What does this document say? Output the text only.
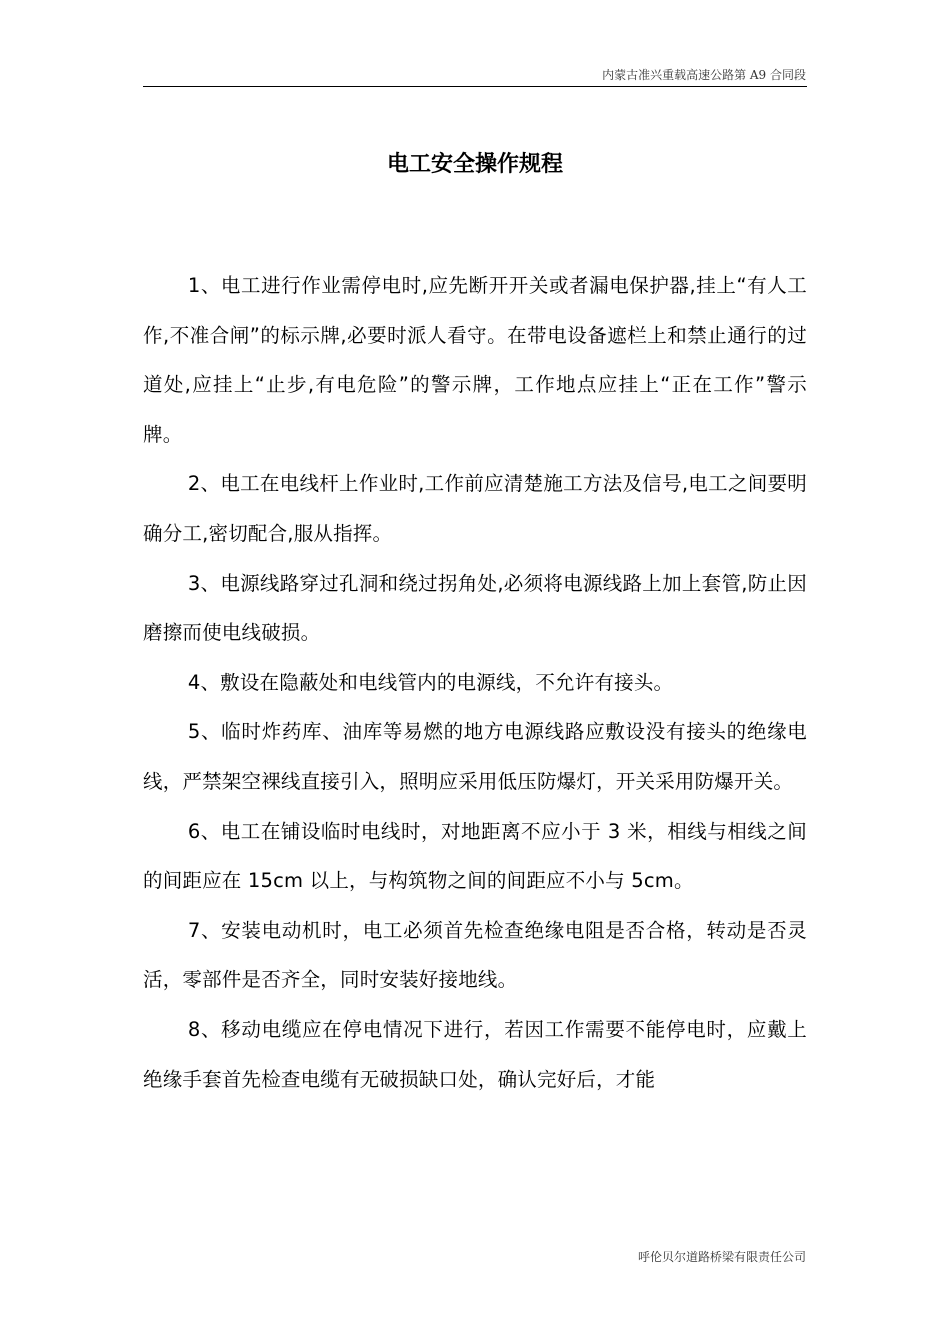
内蒙古准兴重载高速公路第 A9 合同段
电工安全操作规程

1、电工进行作业需停电时,应先断开开关或者漏电保护器,挂上“有人工作,不准合闸”的标示牌,必要时派人看守。在带电设备遮栏上和禁止通行的过道处,应挂上“止步,有电危险”的警示牌，工作地点应挂上“正在工作”警示牌。

2、电工在电线杆上作业时,工作前应清楚施工方法及信号,电工之间要明确分工,密切配合,服从指挥。

3、电源线路穿过孔洞和绕过拐角处,必须将电源线路上加上套管,防止因磨擦而使电线破损。

4、敷设在隐蔽处和电线管内的电源线，不允许有接头。

5、临时炸药库、油库等易燃的地方电源线路应敷设没有接头的绝缘电线，严禁架空裸线直接引入，照明应采用低压防爆灯，开关采用防爆开关。

6、电工在铺设临时电线时，对地距离不应小于 3 米，相线与相线之间的间距应在 15cm 以上，与构筑物之间的间距应不小与 5cm。

7、安装电动机时，电工必须首先检查绝缘电阻是否合格，转动是否灵活，零部件是否齐全，同时安装好接地线。

8、移动电缆应在停电情况下进行，若因工作需要不能停电时，应戴上绝缘手套首先检查电缆有无破损缺口处，确认完好后，才能

呼伦贝尔道路桥梁有限责任公司
